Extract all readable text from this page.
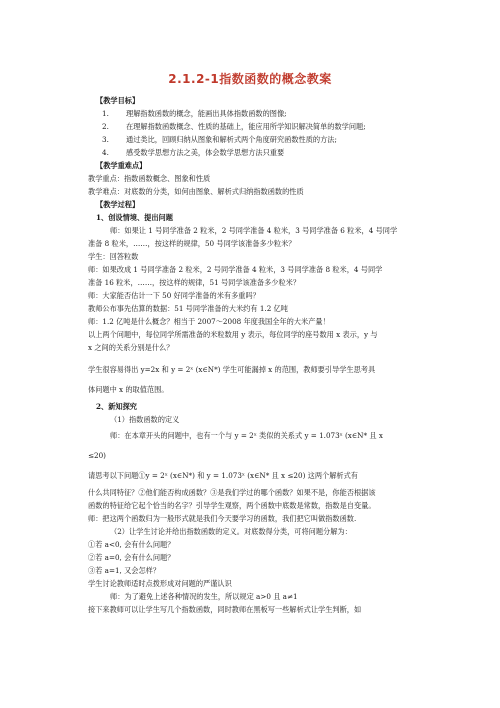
2.1.2-1指数函数的概念教案
【教学目标】
1. 理解指数函数的概念，能画出具体指数函数的图像;
2. 在理解指数函数概念、性质的基础上，能应用所学知识解决简单的数学问题;
3. 通过类比，回顾归纳从图象和解析式两个角度研究函数性质的方法;
4. 感受数学思想方法之美，体会数学思想方法只重要
【教学重难点】
教学重点：指数函数概念、图象和性质
教学难点：对底数的分类，如何由图象、解析式归纳指数函数的性质
【教学过程】
1、创设情境、提出问题
师：如果让 1 号同学准备 2 粒米，2 号同学准备 4 粒米，3 号同学准备 6 粒米，4 号同学
准备 8 粒米，……，按这样的规律，50 号同学该准备多少粒米？
学生：回答粒数
师：如果改成 1 号同学准备 2 粒米，2 号同学准备 4 粒米，3 号同学准备 8 粒米，4 号同学
准备 16 粒米，……，按这样的规律，51 号同学该准备多少粒米？
师：大家能否估计一下 50 好同学准备的米有多重吗？
教师公布事先估算的数据：51 号同学准备的大米约有 1.2 亿吨
师：1.2 亿吨是什么概念？相当于 2007～2008 年度我国全年的大米产量！
以上两个问题中，每位同学所需准备的米粒数用 y 表示，每位同学的座号数用 x 表示，y 与
x 之间的关系分别是什么？
学生很容易得出 y=2x 和 y = 2ˣ (x∈N*) 学生可能漏掉 x 的范围，教师要引导学生思考具
体问题中 x 的取值范围。
2、新知探究
（1）指数函数的定义
师：在本章开头的问题中，也有一个与 y = 2ˣ 类似的关系式 y = 1.073ˣ (x∈N* 且 x
≤20)
请思考以下问题①y = 2ˣ (x∈N*) 和 y = 1.073ˣ (x∈N* 且 x ≤20) 这两个解析式有
什么共同特征？②他们能否构成函数？③是我们学过的哪个函数？如果不是，你能否根据该
函数的特征给它起个恰当的名字？引导学生观察，两个函数中底数是常数，指数是自变量。
师：把这两个函数归为一般形式就是我们今天要学习的函数，我们把它叫做指数函数.
（2）让学生讨论并给出指数函数的定义。对底数得分类，可将问题分解为：
①若 a<0, 会有什么问题？
②若 a=0, 会有什么问题？
③若 a=1, 又会怎样？
学生讨论教师适时点拨形成对问题的严谨认识
师：为了避免上述各种情况的发生，所以规定 a>0 且 a≠1
接下来教师可以让学生写几个指数函数，同时教师在黑板写一些解析式让学生判断，如
